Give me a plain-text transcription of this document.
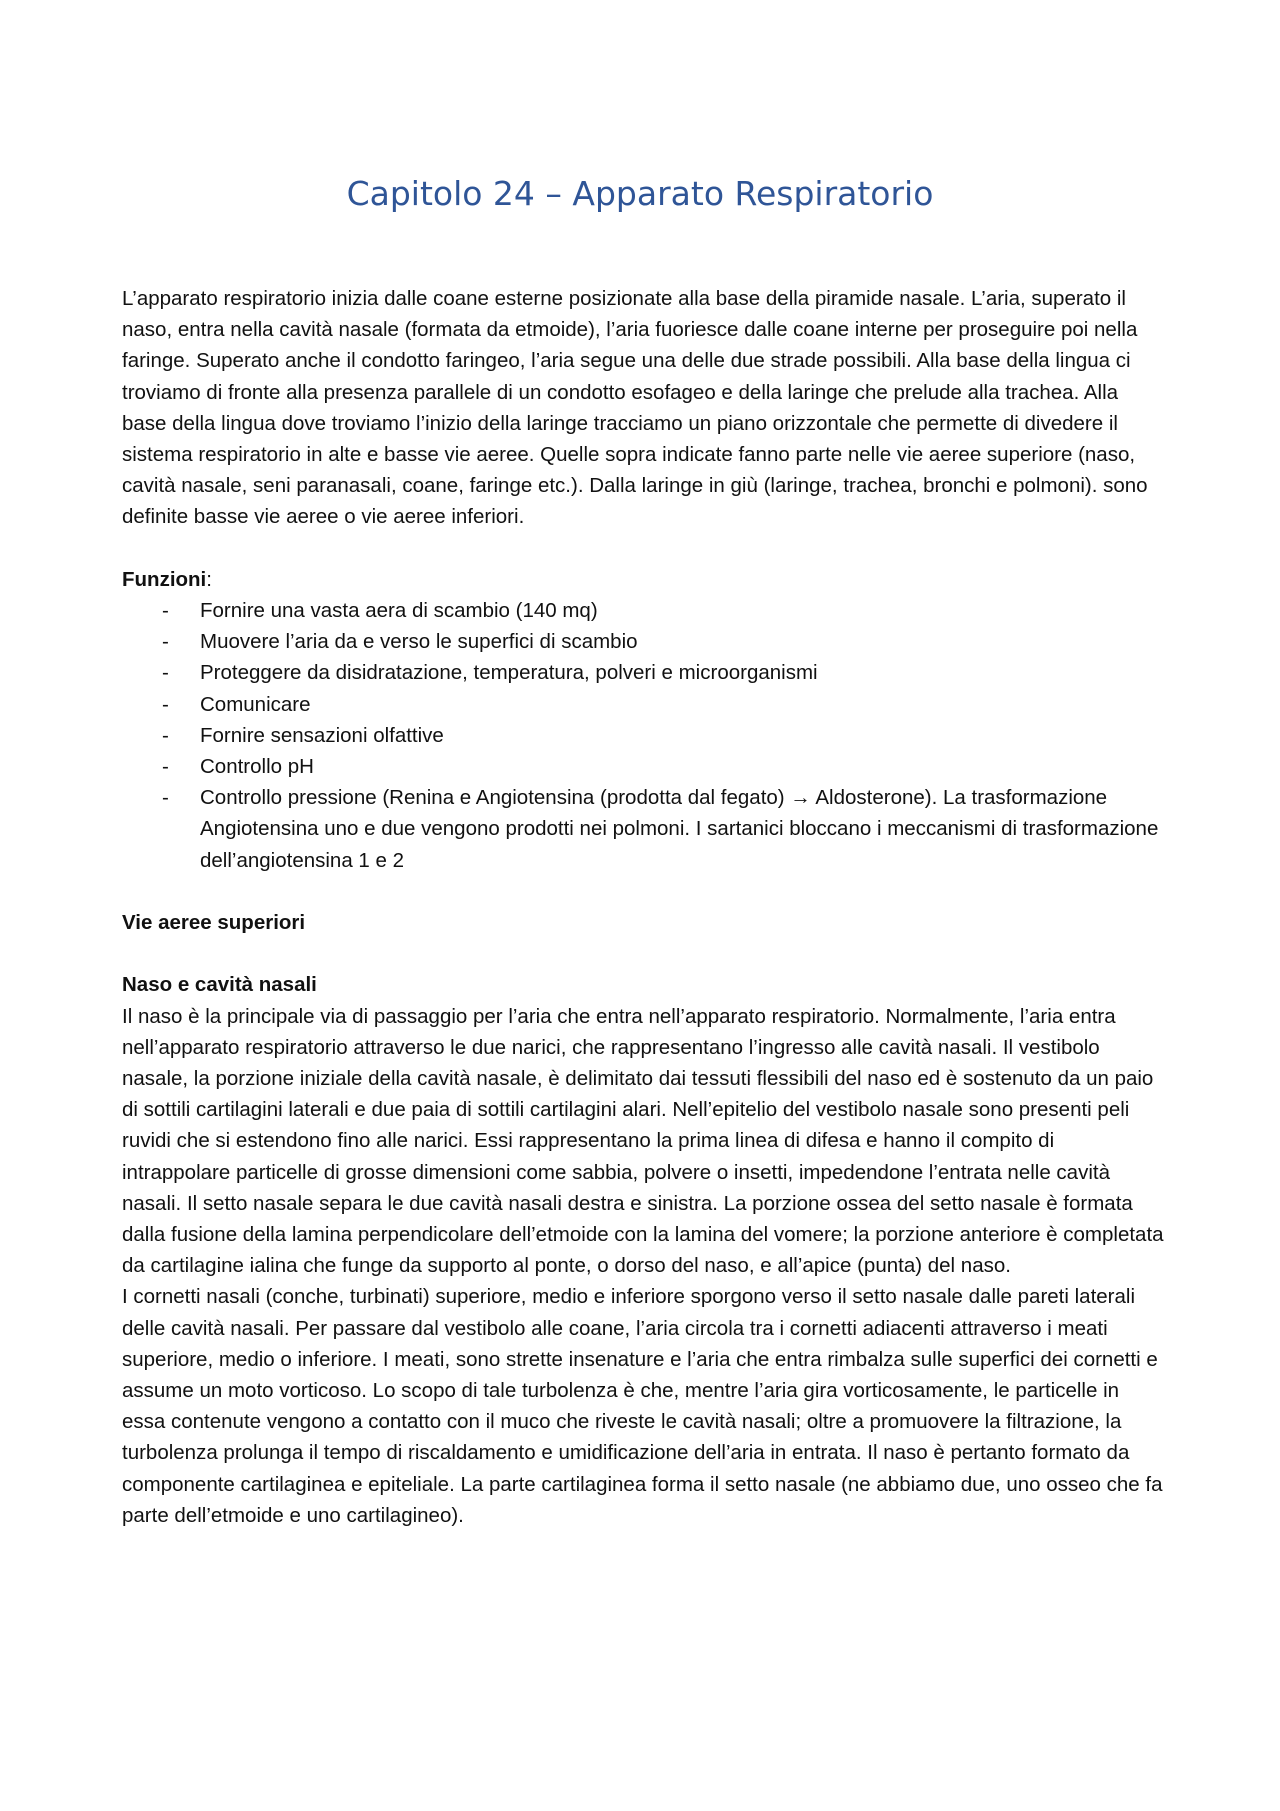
Capitolo 24 – Apparato Respiratorio

L’apparato respiratorio inizia dalle coane esterne posizionate alla base della piramide nasale. L’aria, superato il naso, entra nella cavità nasale (formata da etmoide), l’aria fuoriesce dalle coane interne per proseguire poi nella faringe. Superato anche il condotto faringeo, l’aria segue una delle due strade possibili. Alla base della lingua ci troviamo di fronte alla presenza parallele di un condotto esofageo e della laringe che prelude alla trachea. Alla base della lingua dove troviamo l’inizio della laringe tracciamo un piano orizzontale che permette di divedere il sistema respiratorio in alte e basse vie aeree. Quelle sopra indicate fanno parte nelle vie aeree superiore (naso, cavità nasale, seni paranasali, coane, faringe etc.). Dalla laringe in giù (laringe, trachea, bronchi e polmoni). sono definite basse vie aeree o vie aeree inferiori.

Funzioni:

- Fornire una vasta aera di scambio (140 mq)
- Muovere l’aria da e verso le superfici di scambio
- Proteggere da disidratazione, temperatura, polveri e microorganismi
- Comunicare
- Fornire sensazioni olfattive
- Controllo pH
- Controllo pressione (Renina e Angiotensina (prodotta dal fegato) → Aldosterone). La trasformazione Angiotensina uno e due vengono prodotti nei polmoni. I sartanici bloccano i meccanismi di trasformazione dell’angiotensina 1 e 2

Vie aeree superiori

Naso e cavità nasali

Il naso è la principale via di passaggio per l’aria che entra nell’apparato respiratorio. Normalmente, l’aria entra nell’apparato respiratorio attraverso le due narici, che rappresentano l’ingresso alle cavità nasali. Il vestibolo nasale, la porzione iniziale della cavità nasale, è delimitato dai tessuti flessibili del naso ed è sostenuto da un paio di sottili cartilagini laterali e due paia di sottili cartilagini alari. Nell’epitelio del vestibolo nasale sono presenti peli ruvidi che si estendono fino alle narici. Essi rappresentano la prima linea di difesa e hanno il compito di intrappolare particelle di grosse dimensioni come sabbia, polvere o insetti, impedendone l’entrata nelle cavità nasali. Il setto nasale separa le due cavità nasali destra e sinistra. La porzione ossea del setto nasale è formata dalla fusione della lamina perpendicolare dell’etmoide con la lamina del vomere; la porzione anteriore è completata da cartilagine ialina che funge da supporto al ponte, o dorso del naso, e all’apice (punta) del naso.

I cornetti nasali (conche, turbinati) superiore, medio e inferiore sporgono verso il setto nasale dalle pareti laterali delle cavità nasali. Per passare dal vestibolo alle coane, l’aria circola tra i cornetti adiacenti attraverso i meati superiore, medio o inferiore. I meati, sono strette insenature e l’aria che entra rimbalza sulle superfici dei cornetti e assume un moto vorticoso. Lo scopo di tale turbolenza è che, mentre l’aria gira vorticosamente, le particelle in essa contenute vengono a contatto con il muco che riveste le cavità nasali; oltre a promuovere la filtrazione, la turbolenza prolunga il tempo di riscaldamento e umidificazione dell’aria in entrata. Il naso è pertanto formato da componente cartilaginea e epiteliale. La parte cartilaginea forma il setto nasale (ne abbiamo due, uno osseo che fa parte dell’etmoide e uno cartilagineo).
